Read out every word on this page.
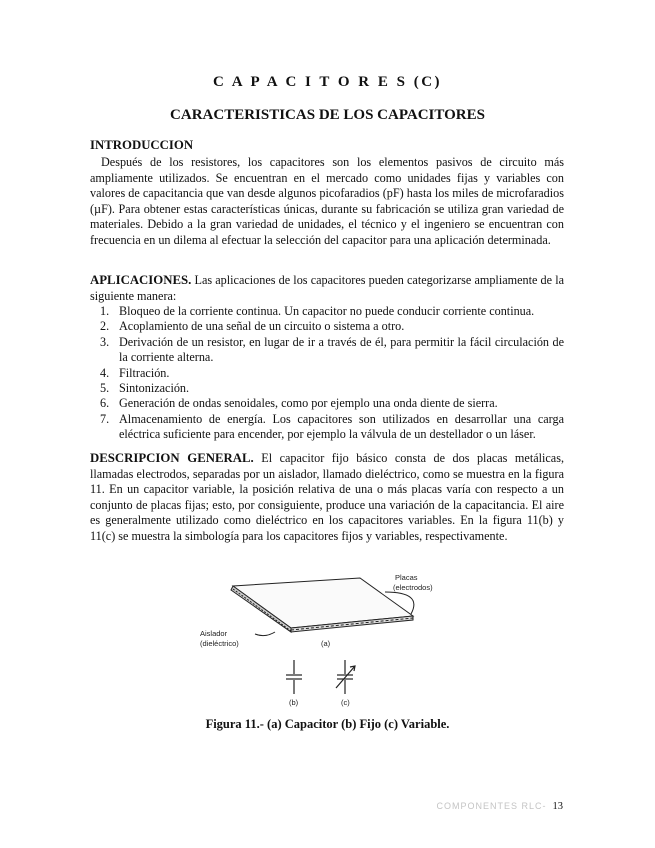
C A P A C I T O R E S (C)
CARACTERISTICAS DE LOS CAPACITORES
INTRODUCCION
Después de los resistores, los capacitores son los elementos pasivos de circuito más ampliamente utilizados. Se encuentran en el mercado como unidades fijas y variables con valores de capacitancia que van desde algunos picofaradios (pF) hasta los miles de microfaradios (µF). Para obtener estas características únicas, durante su fabricación se utiliza gran variedad de materiales. Debido a la gran variedad de unidades, el técnico y el ingeniero se encuentran con frecuencia en un dilema al efectuar la selección del capacitor para una aplicación determinada.
APLICACIONES. Las aplicaciones de los capacitores pueden categorizarse ampliamente de la siguiente manera:
1. Bloqueo de la corriente continua. Un capacitor no puede conducir corriente continua.
2. Acoplamiento de una señal de un circuito o sistema a otro.
3. Derivación de un resistor, en lugar de ir a través de él, para permitir la fácil circulación de la corriente alterna.
4. Filtración.
5. Sintonización.
6. Generación de ondas senoidales, como por ejemplo una onda diente de sierra.
7. Almacenamiento de energía. Los capacitores son utilizados en desarrollar una carga eléctrica suficiente para encender, por ejemplo la válvula de un destellador o un láser.
DESCRIPCION GENERAL. El capacitor fijo básico consta de dos placas metálicas, llamadas electrodos, separadas por un aislador, llamado dieléctrico, como se muestra en la figura 11. En un capacitor variable, la posición relativa de una o más placas varía con respecto a un conjunto de placas fijas; esto, por consiguiente, produce una variación de la capacitancia. El aire es generalmente utilizado como dieléctrico en los capacitores variables. En la figura 11(b) y 11(c) se muestra la simbología para los capacitores fijos y variables, respectivamente.
Placas
(electrodos)
Aislador
(dieléctrico)	(a)
(b)	(c)
Figura 11.- (a) Capacitor (b) Fijo (c) Variable.
COMPONENTES RLC- 13
